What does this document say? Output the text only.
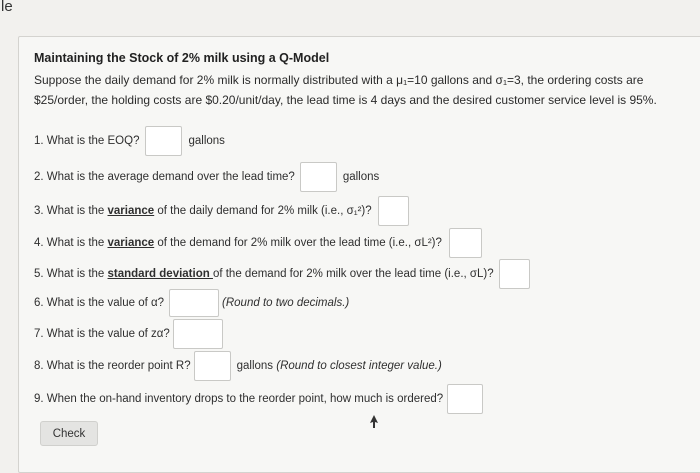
le
Maintaining the Stock of 2% milk using a Q-Model
Suppose the daily demand for 2% milk is normally distributed with a μ₁=10 gallons and σ₁=3, the ordering costs are $25/order, the holding costs are $0.20/unit/day, the lead time is 4 days and the desired customer service level is 95%.
1. What is the EOQ?	gallons
2. What is the average demand over the lead time?	gallons
3. What is the variance of the daily demand for 2% milk (i.e., σ₁²)?
4. What is the variance of the demand for 2% milk over the lead time (i.e., σL²)?
5. What is the standard deviation of the demand for 2% milk over the lead time (i.e., σL)?
6. What is the value of α?	(Round to two decimals.)
7. What is the value of zα?
8. What is the reorder point R?	gallons (Round to closest integer value.)
9. When the on-hand inventory drops to the reorder point, how much is ordered?
Check
